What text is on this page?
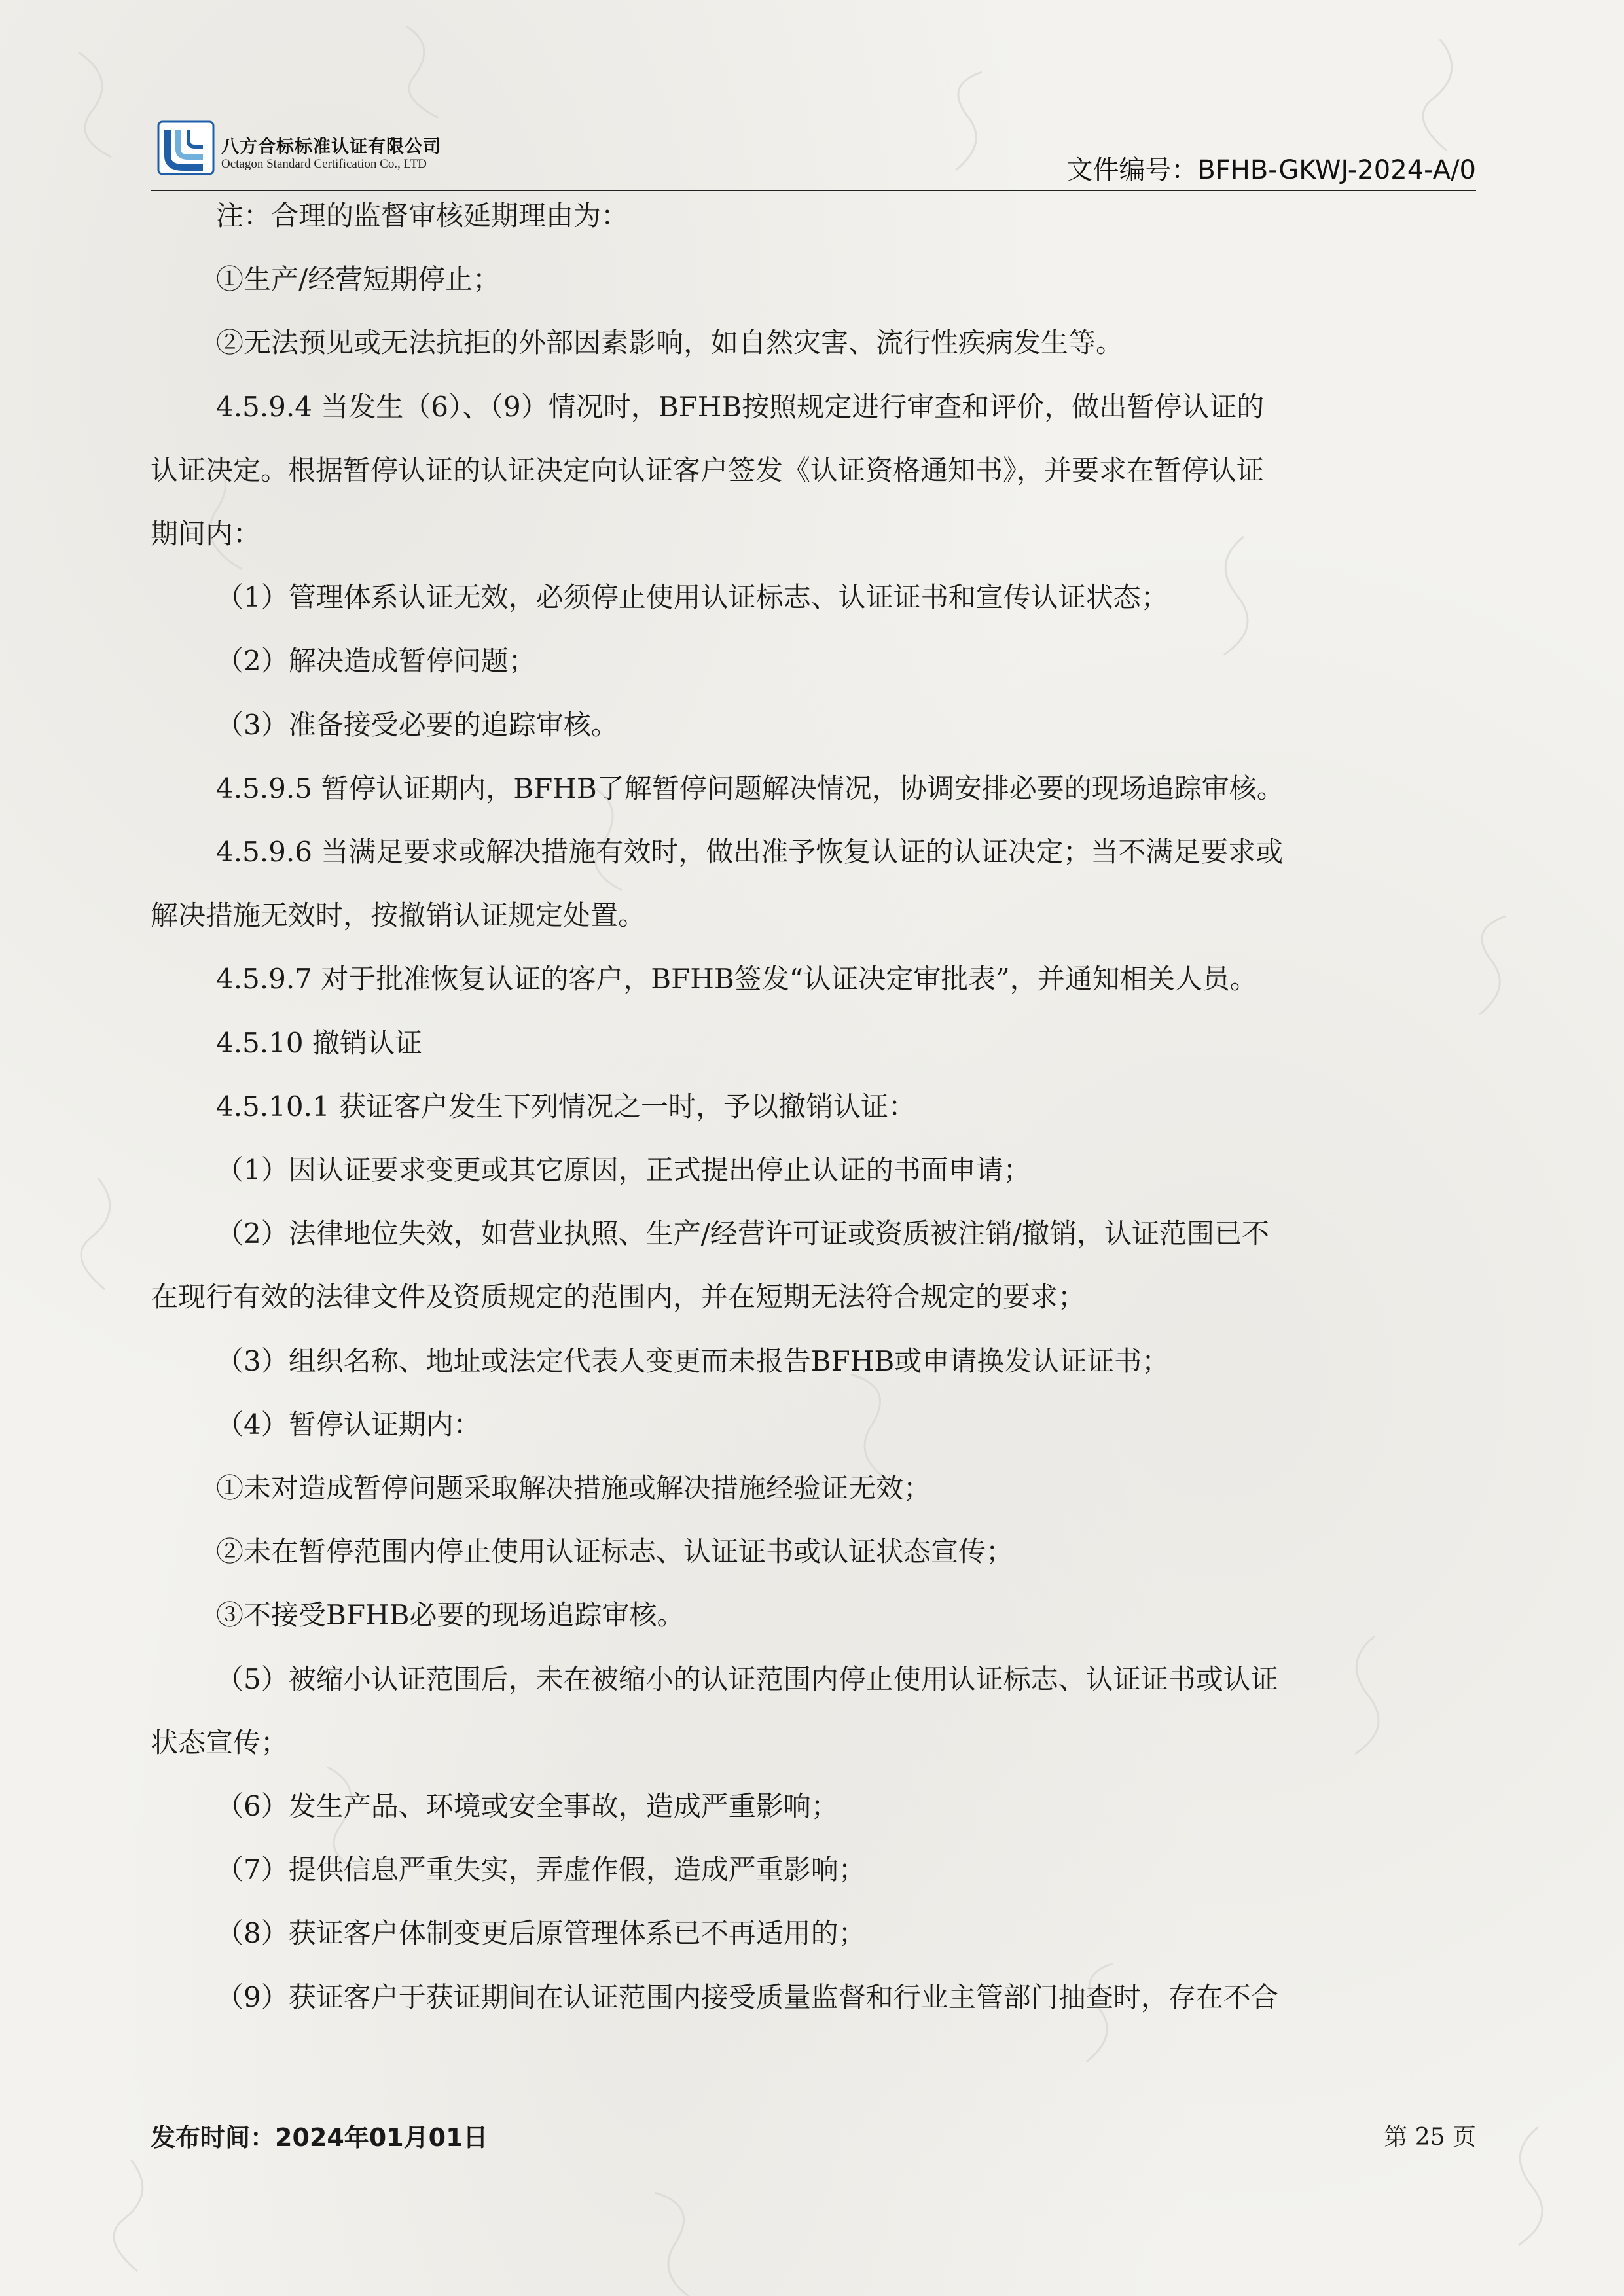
八方合标标准认证有限公司
Octagon Standard Certification Co., LTD	文件编号：BFHB-GKWJ-2024-A/0
注：合理的监督审核延期理由为：
①生产/经营短期停止；
②无法预见或无法抗拒的外部因素影响，如自然灾害、流行性疾病发生等。
4.5.9.4 当发生（6）、（9）情况时，BFHB按照规定进行审查和评价，做出暂停认证的
认证决定。根据暂停认证的认证决定向认证客户签发《认证资格通知书》，并要求在暂停认证
期间内：
（1）管理体系认证无效，必须停止使用认证标志、认证证书和宣传认证状态；
（2）解决造成暂停问题；
（3）准备接受必要的追踪审核。
4.5.9.5 暂停认证期内，BFHB了解暂停问题解决情况，协调安排必要的现场追踪审核。
4.5.9.6 当满足要求或解决措施有效时，做出准予恢复认证的认证决定；当不满足要求或
解决措施无效时，按撤销认证规定处置。
4.5.9.7 对于批准恢复认证的客户，BFHB签发“认证决定审批表”，并通知相关人员。
4.5.10 撤销认证
4.5.10.1 获证客户发生下列情况之一时，予以撤销认证：
（1）因认证要求变更或其它原因，正式提出停止认证的书面申请；
（2）法律地位失效，如营业执照、生产/经营许可证或资质被注销/撤销，认证范围已不
在现行有效的法律文件及资质规定的范围内，并在短期无法符合规定的要求；
（3）组织名称、地址或法定代表人变更而未报告BFHB或申请换发认证证书；
（4）暂停认证期内：
①未对造成暂停问题采取解决措施或解决措施经验证无效；
②未在暂停范围内停止使用认证标志、认证证书或认证状态宣传；
③不接受BFHB必要的现场追踪审核。
（5）被缩小认证范围后，未在被缩小的认证范围内停止使用认证标志、认证证书或认证
状态宣传；
（6）发生产品、环境或安全事故，造成严重影响；
（7）提供信息严重失实，弄虚作假，造成严重影响；
（8）获证客户体制变更后原管理体系已不再适用的；
（9）获证客户于获证期间在认证范围内接受质量监督和行业主管部门抽查时，存在不合
发布时间：2024年01月01日	第 25 页
